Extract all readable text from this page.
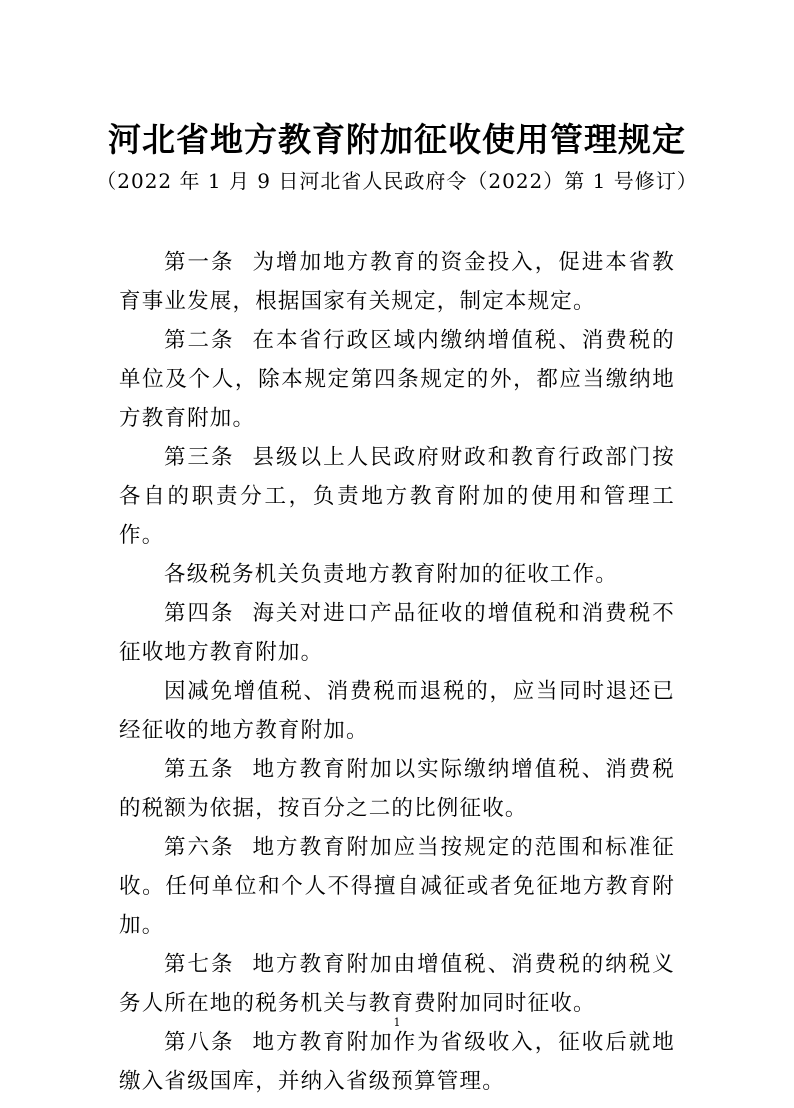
河北省地方教育附加征收使用管理规定
（2022 年 1 月 9 日河北省人民政府令（2022）第 1 号修订）

第一条 为增加地方教育的资金投入，促进本省教育事业发展，根据国家有关规定，制定本规定。

第二条 在本省行政区域内缴纳增值税、消费税的单位及个人，除本规定第四条规定的外，都应当缴纳地方教育附加。

第三条 县级以上人民政府财政和教育行政部门按各自的职责分工，负责地方教育附加的使用和管理工作。

各级税务机关负责地方教育附加的征收工作。

第四条 海关对进口产品征收的增值税和消费税不征收地方教育附加。

因减免增值税、消费税而退税的，应当同时退还已经征收的地方教育附加。

第五条 地方教育附加以实际缴纳增值税、消费税的税额为依据，按百分之二的比例征收。

第六条 地方教育附加应当按规定的范围和标准征收。任何单位和个人不得擅自减征或者免征地方教育附加。

第七条 地方教育附加由增值税、消费税的纳税义务人所在地的税务机关与教育费附加同时征收。

第八条 地方教育附加作为省级收入，征收后就地缴入省级国库，并纳入省级预算管理。

1
